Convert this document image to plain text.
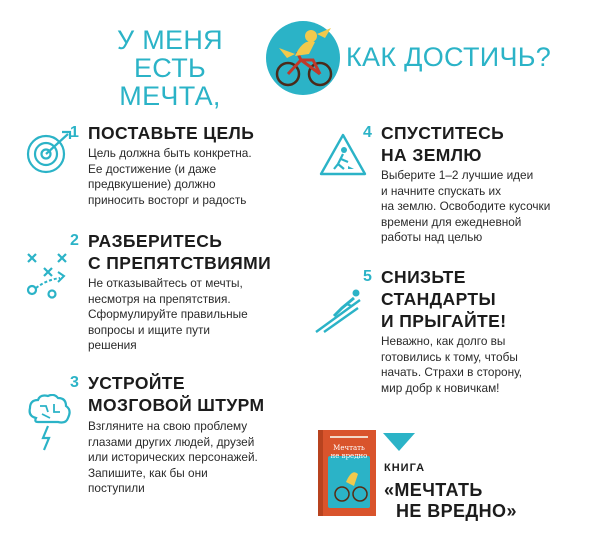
У МЕНЯ
ЕСТЬ МЕЧТА,
КАК ДОСТИЧЬ?
1 ПОСТАВЬТЕ ЦЕЛЬ
Цель должна быть конкретна.
Ее достижение (и даже
предвкушение) должно
приносить восторг и радость
2 РАЗБЕРИТЕСЬ
С ПРЕПЯТСТВИЯМИ
Не отказывайтесь от мечты,
несмотря на препятствия.
Сформулируйте правильные
вопросы и ищите пути
решения
3 УСТРОЙТЕ
МОЗГОВОЙ ШТУРМ
Взгляните на свою проблему
глазами других людей, друзей
или исторических персонажей.
Запишите, как бы они
поступили
4 СПУСТИТЕСЬ
НА ЗЕМЛЮ
Выберите 1–2 лучшие идеи
и начните спускать их
на землю. Освободите кусочки
времени для ежедневной
работы над целью
5 СНИЗЬТЕ
СТАНДАРТЫ
И ПРЫГАЙТЕ!
Неважно, как долго вы
готовились к тому, чтобы
начать. Страхи в сторону,
мир добр к новичкам!
Мечтать не вредно
КНИГА
«МЕЧТАТЬ
НЕ ВРЕДНО»
